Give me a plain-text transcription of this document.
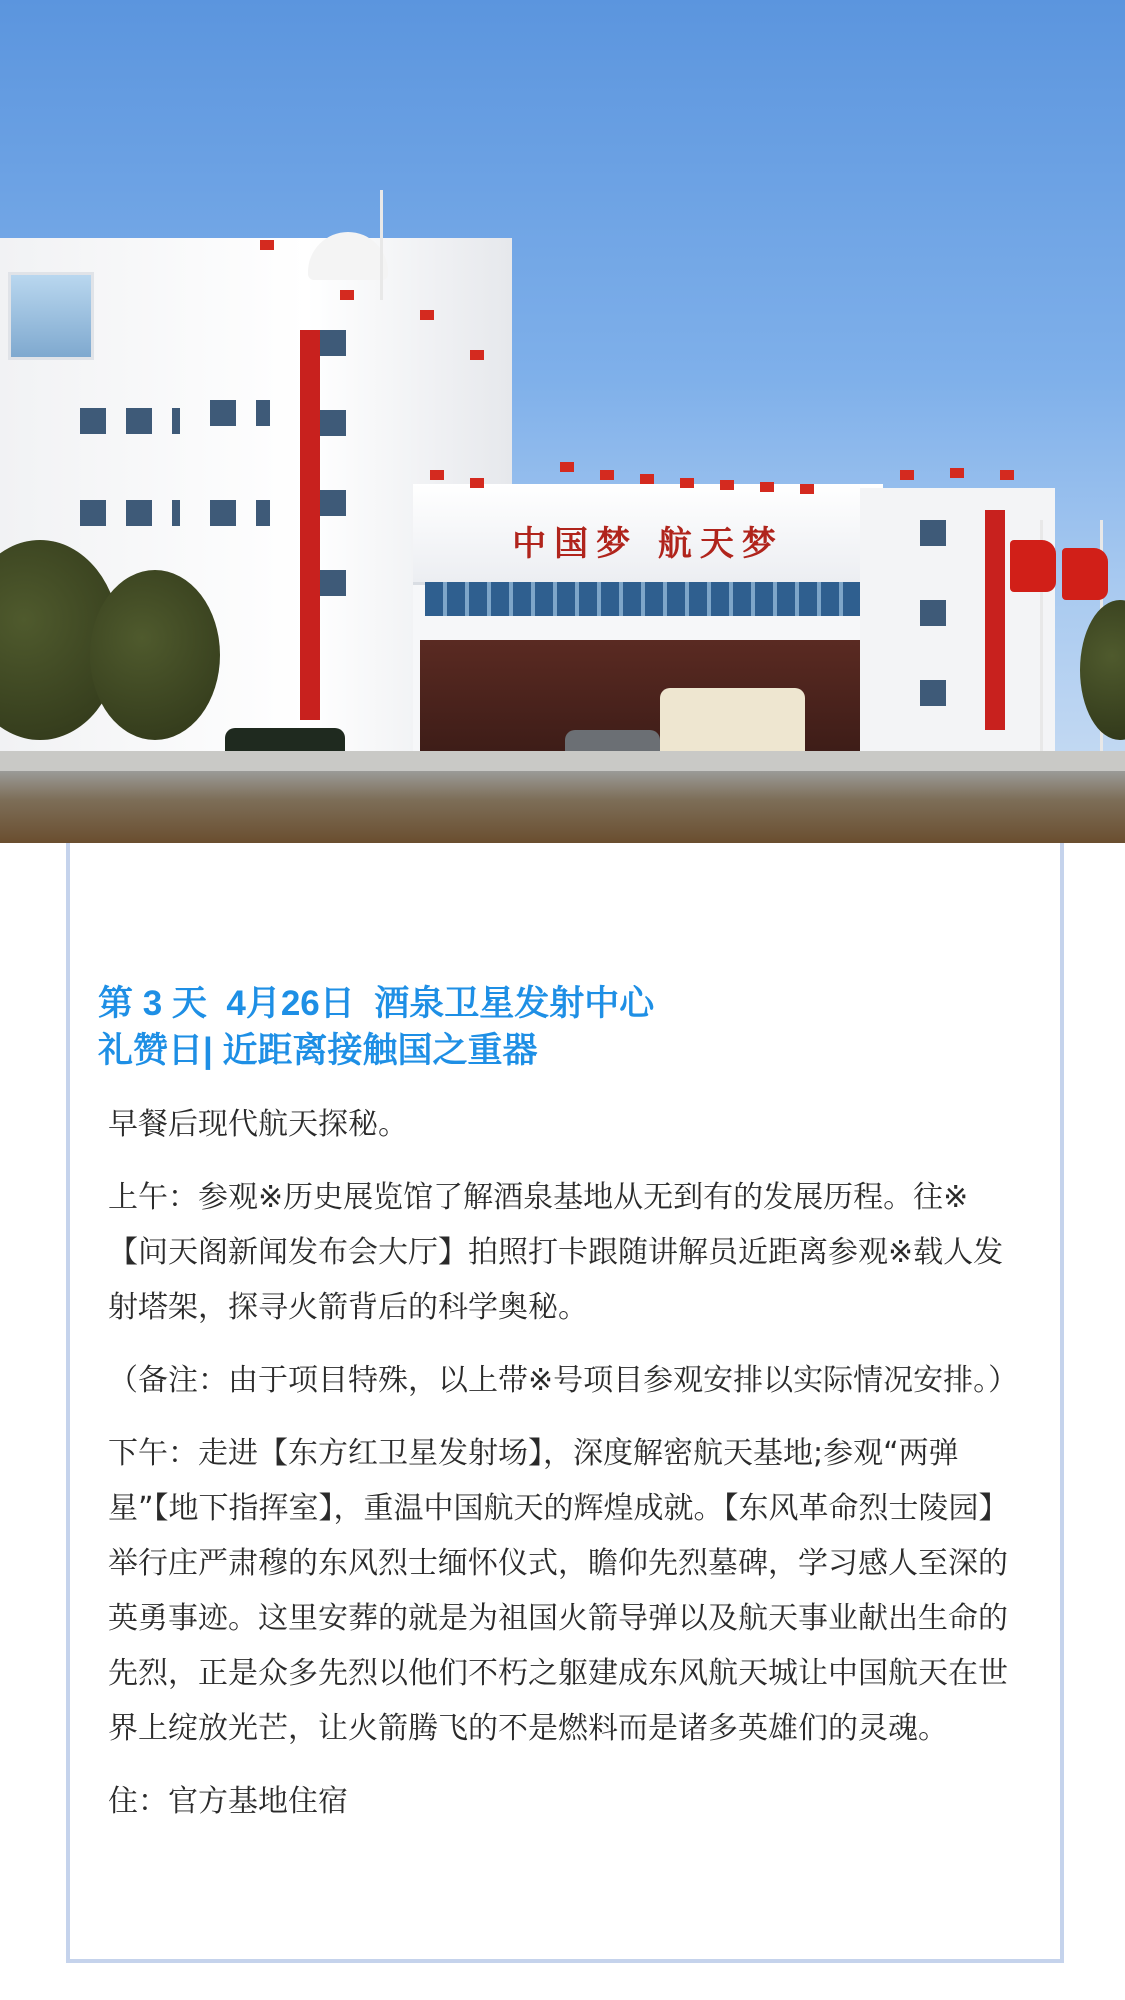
中国梦 航天梦
第 3 天  4月26日  酒泉卫星发射中心
礼赞日| 近距离接触国之重器

早餐后现代航天探秘。

上午：参观※历史展览馆了解酒泉基地从无到有的发展历程。往※【问天阁新闻发布会大厅】拍照打卡跟随讲解员近距离参观※载人发射塔架，探寻火箭背后的科学奥秘。

（备注：由于项目特殊，以上带※号项目参观安排以实际情况安排。）

下午：走进【东方红卫星发射场】，深度解密航天基地;参观“两弹星”【地下指挥室】，重温中国航天的辉煌成就。【东风革命烈士陵园】举行庄严肃穆的东风烈士缅怀仪式，瞻仰先烈墓碑，学习感人至深的英勇事迹。这里安葬的就是为祖国火箭导弹以及航天事业献出生命的先烈，正是众多先烈以他们不朽之躯建成东风航天城让中国航天在世界上绽放光芒，让火箭腾飞的不是燃料而是诸多英雄们的灵魂。

住：官方基地住宿
